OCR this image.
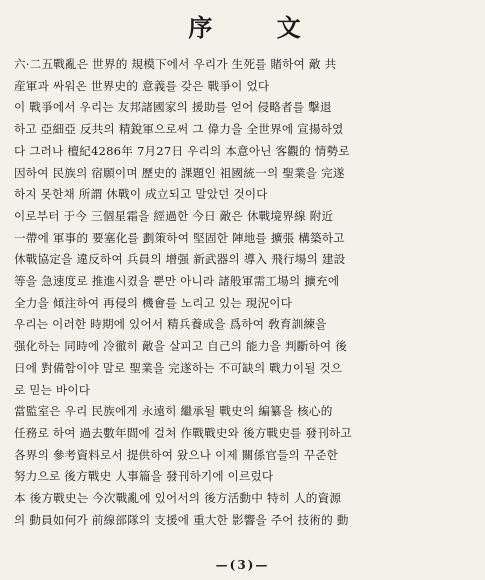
序 文
六·二五戰亂은 世界的 規模下에서 우리가 生死를 賭하여 敵 共
産軍과 싸워온 世界史的 意義를 갖은 戰爭이 었다
이 戰爭에서 우리는 友邦諸國家의 援助를 얻어 侵略者를 擊退
하고 亞細亞 反共의 精銳軍으로써 그 偉力을 全世界에 宣揚하였
다 그러나 檀紀4286年 7月27日 우리의 本意아닌 客觀的 情勢로
因하여 民族의 宿願이며 歷史的 課題인 祖國統一의 聖業을 完遂
하지 못한채 所謂 休戰이 成立되고 말았던 것이다
이로부터 于今 三個星霜을 經過한 今日 敵은 休戰境界線 附近
一帶에 軍事的 要塞化를 劃策하여 堅固한 陣地를 擴張 構築하고
休戰協定을 違反하여 兵員의 增强 新武器의 導入 飛行場의 建設
等을 急速度로 推進시켰을 뿐만 아니라 諸般軍需工場의 擴充에
全力을 傾注하여 再侵의 機會를 노리고 있는 現況이다
우리는 이러한 時期에 있어서 精兵養成을 爲하여 敎育訓練을
强化하는 同時에 冷徹히 敵을 살피고 自己의 能力을 判斷하여 後
日에 對備함이야 말로 聖業을 完遂하는 不可缺의 戰力이될 것으
로 믿는 바이다
當監室은 우리 民族에게 永遠히 繼承될 戰史의 編纂을 核心的
任務로 하여 過去數年間에 걸쳐 作戰戰史와 後方戰史를 發刊하고
各界의 參考資料로서 提供하여 왔으나 이제 關係官들의 꾸준한
努力으로 後方戰史 人事篇을 發刊하기에 이르렀다
本 後方戰史는 今次戰亂에 있어서의 後方活動中 特히 人的資源
의 動員如何가 前線部隊의 支援에 重大한 影響을 주어 技術的 動
—(3)—
